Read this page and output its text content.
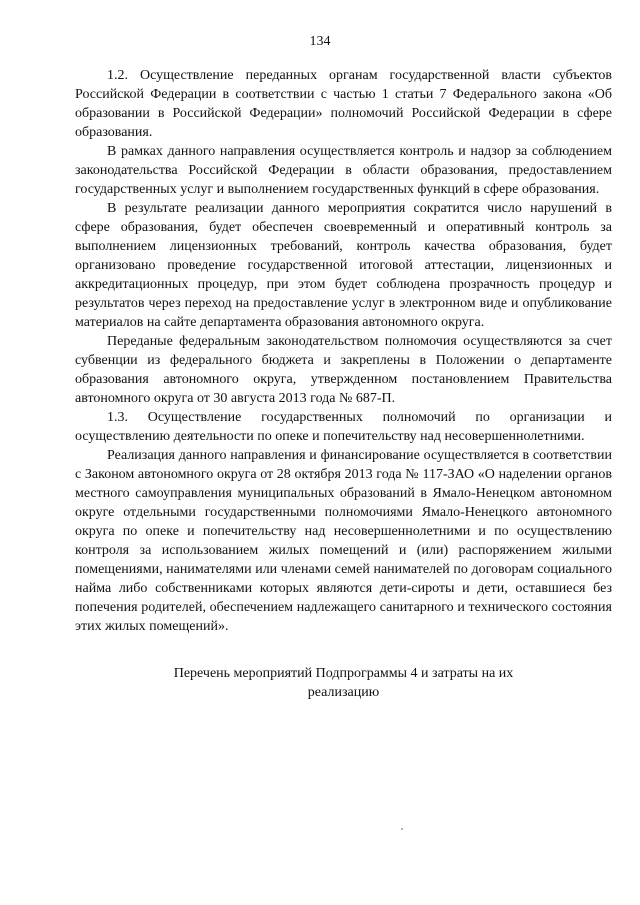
134

1.2. Осуществление переданных органам государственной власти субъектов Российской Федерации в соответствии с частью 1 статьи 7 Федерального закона «Об образовании в Российской Федерации» полномочий Российской Федерации в сфере образования.

В рамках данного направления осуществляется контроль и надзор за соблюдением законодательства Российской Федерации в области образования, предоставлением государственных услуг и выполнением государственных функций в сфере образования.

В результате реализации данного мероприятия сократится число нарушений в сфере образования, будет обеспечен своевременный и оперативный контроль за выполнением лицензионных требований, контроль качества образования, будет организовано проведение государственной итоговой аттестации, лицензионных и аккредитационных процедур, при этом будет соблюдена прозрачность процедур и результатов через переход на предоставление услуг в электронном виде и опубликование материалов на сайте департамента образования автономного округа.

Переданые федеральным законодательством полномочия осуществляются за счет субвенции из федерального бюджета и закреплены в Положении о департаменте образования автономного округа, утвержденном постановлением Правительства автономного округа от 30 августа 2013 года № 687-П.

1.3. Осуществление государственных полномочий по организации и осуществлению деятельности по опеке и попечительству над несовершеннолетними.

Реализация данного направления и финансирование осуществляется в соответствии с Законом автономного округа от 28 октября 2013 года № 117-ЗАО «О наделении органов местного самоуправления муниципальных образований в Ямало-Ненецком автономном округе отдельными государственными полномочиями Ямало-Ненецкого автономного округа по опеке и попечительству над несовершеннолетними и по осуществлению контроля за использованием жилых помещений и (или) распоряжением жилыми помещениями, нанимателями или членами семей нанимателей по договорам социального найма либо собственниками которых являются дети-сироты и дети, оставшиеся без попечения родителей, обеспечением надлежащего санитарного и технического состояния этих жилых помещений».

Перечень мероприятий Подпрограммы 4 и затраты на их
реализацию
